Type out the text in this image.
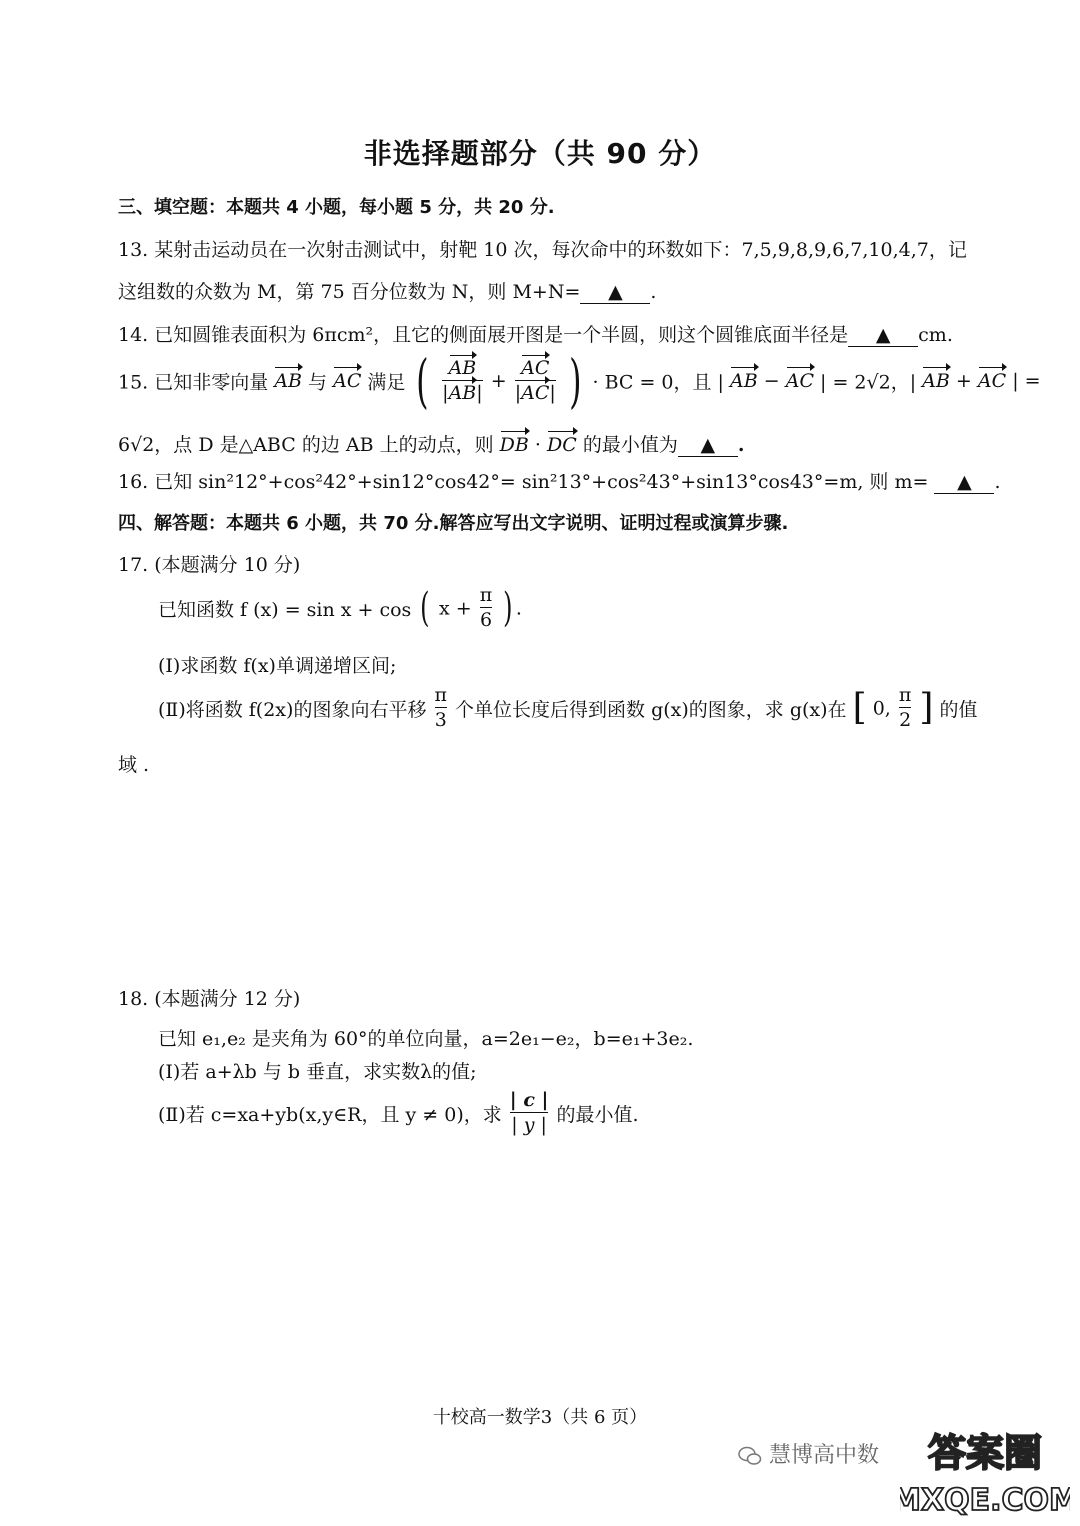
非选择题部分（共 90 分）
三、填空题：本题共 4 小题，每小题 5 分，共 20 分.
13. 某射击运动员在一次射击测试中，射靶 10 次，每次命中的环数如下：7,5,9,8,9,6,7,10,4,7，记
这组数的众数为 M，第 75 百分位数为 N，则 M+N= ▲ .
14. 已知圆锥表面积为 6πcm²，且它的侧面展开图是一个半圆，则这个圆锥底面半径是 ▲ cm.
15. 已知非零向量 AB 与 AC 满足 ( $\frac{AB}{|AB|} + \frac{AC}{|AC|}$ ) · BC = 0，且 | AB − AC | = 2√2，| AB + AC | =
6√2，点 D 是△ABC 的边 AB 上的动点，则 DB · DC 的最小值为 ▲ .
16. 已知 sin²12°+cos²42°+sin12°cos42°= sin²13°+cos²43°+sin13°cos43°=m, 则 m= ▲ .
四、解答题：本题共 6 小题，共 70 分.解答应写出文字说明、证明过程或演算步骤.
17. (本题满分 10 分)
已知函数 f (x) = sin x + cos ( $x + \frac{\pi}{6}$ ) .
(Ⅰ)求函数 f(x)单调递增区间;
(Ⅱ)将函数 f(2x)的图象向右平移 $\frac{\pi}{3}$ 个单位长度后得到函数 g(x)的图象，求 g(x)在 [ 0, $\frac{\pi}{2}$ ] 的值
域 .
18. (本题满分 12 分)
已知 e₁,e₂ 是夹角为 60°的单位向量，a=2e₁−e₂，b=e₁+3e₂.
(Ⅰ)若 a+λb 与 b 垂直，求实数λ的值;
(Ⅱ)若 c=xa+yb(x,y∈R，且 y ≠ 0)，求 $\frac{| c |}{| y |}$ 的最小值.
十校高一数学3（共 6 页）
慧博高中数 答案圈
MXQE.COM
